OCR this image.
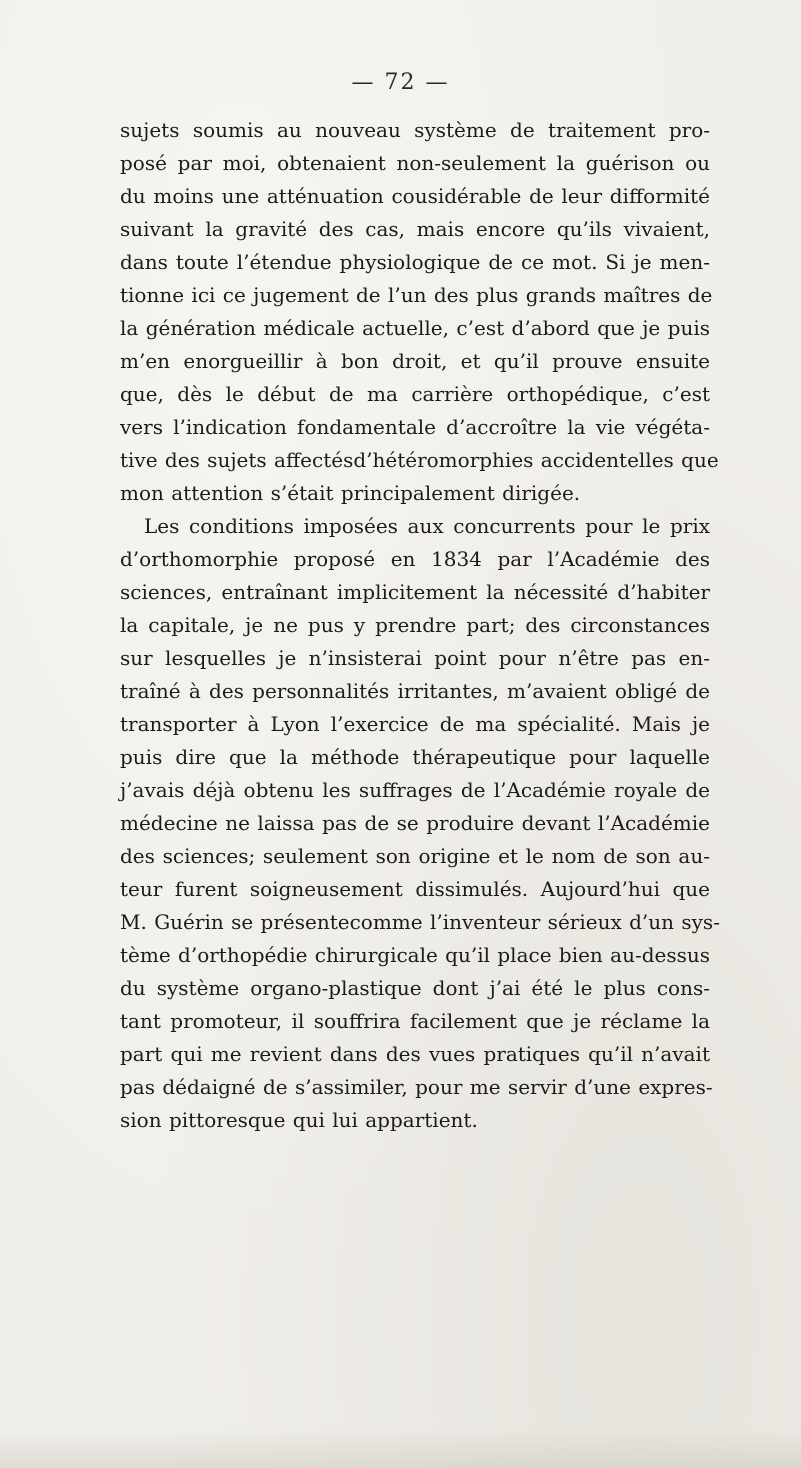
— 72 —
sujets soumis au nouveau système de traitement pro-
posé par moi, obtenaient non-seulement la guérison ou
du moins une atténuation cousidérable de leur difformité
suivant la gravité des cas, mais encore qu’ils vivaient,
dans toute l’étendue physiologique de ce mot. Si je men-
tionne ici ce jugement de l’un des plus grands maîtres de
la génération médicale actuelle, c’est d’abord que je puis
m’en enorgueillir à bon droit, et qu’il prouve ensuite
que, dès le début de ma carrière orthopédique, c’est
vers l’indication fondamentale d’accroître la vie végéta-
tive des sujets affectésd’hétéromorphies accidentelles que
mon attention s’était principalement dirigée.
Les conditions imposées aux concurrents pour le prix
d’orthomorphie proposé en 1834 par l’Académie des
sciences, entraînant implicitement la nécessité d’habiter
la capitale, je ne pus y prendre part; des circonstances
sur lesquelles je n’insisterai point pour n’être pas en-
traîné à des personnalités irritantes, m’avaient obligé de
transporter à Lyon l’exercice de ma spécialité. Mais je
puis dire que la méthode thérapeutique pour laquelle
j’avais déjà obtenu les suffrages de l’Académie royale de
médecine ne laissa pas de se produire devant l’Académie
des sciences; seulement son origine et le nom de son au-
teur furent soigneusement dissimulés. Aujourd’hui que
M. Guérin se présentecomme l’inventeur sérieux d’un sys-
tème d’orthopédie chirurgicale qu’il place bien au-dessus
du système organo-plastique dont j’ai été le plus cons-
tant promoteur, il souffrira facilement que je réclame la
part qui me revient dans des vues pratiques qu’il n’avait
pas dédaigné de s’assimiler, pour me servir d’une expres-
sion pittoresque qui lui appartient.
